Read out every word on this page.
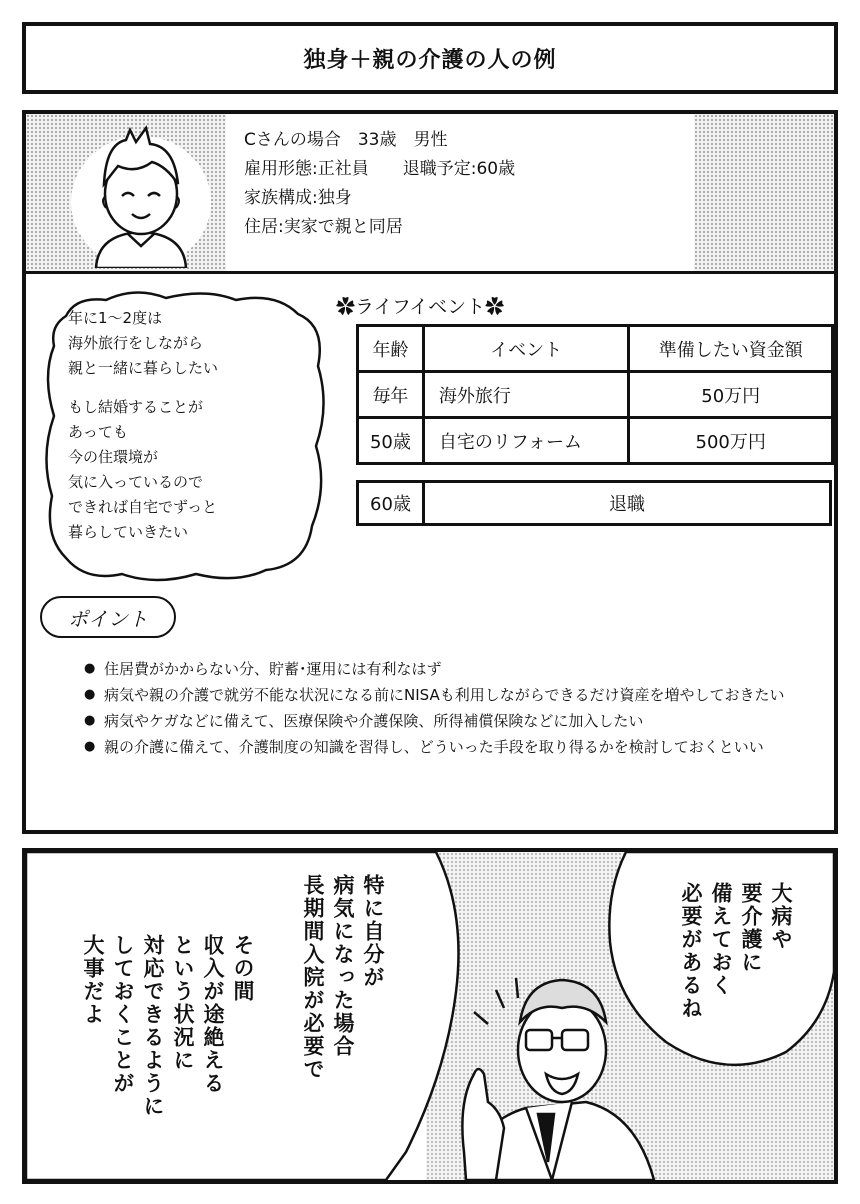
独身＋親の介護の人の例
Cさんの場合　33歳　男性
雇用形態:正社員　　退職予定:60歳
家族構成:独身
住居:実家で親と同居
年に1～2度は
海外旅行をしながら
親と一緒に暮らしたい
もし結婚することが
あっても
今の住環境が
気に入っているので
できれば自宅でずっと
暮らしていきたい
✿ライフイベント✿
年齢	イベント	準備したい資金額
毎年	海外旅行	50万円
50歳	自宅のリフォーム	500万円
60歳	退職
ポイント
● 住居費がかからない分、貯蓄･運用には有利なはず
● 病気や親の介護で就労不能な状況になる前にNISAも利用しながらできるだけ資産を増やしておきたい
● 病気やケガなどに備えて、医療保険や介護保険、所得補償保険などに加入したい
● 親の介護に備えて、介護制度の知識を習得し、どういった手段を取り得るかを検討しておくといい
大病や
要介護に
備えておく
必要があるね
特に自分が
病気になった場合
長期間入院が必要で
その間
収入が途絶える
という状況に
対応できるように
しておくことが
大事だよ
